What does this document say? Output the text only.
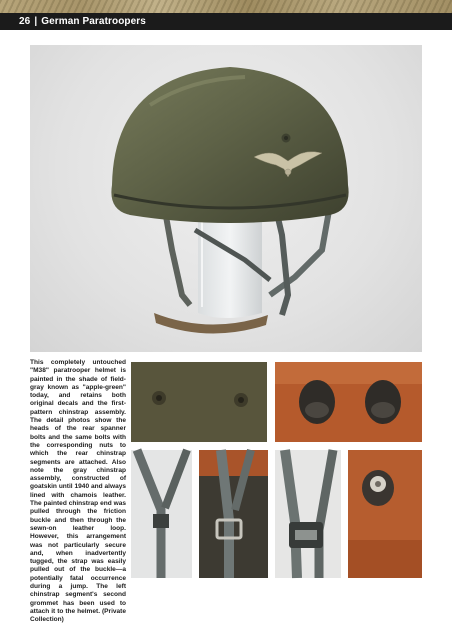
26 | German Paratroopers
This completely untouched "M38" paratrooper helmet is painted in the shade of field-gray known as "apple-green" today, and retains both original decals and the first-pattern chinstrap assembly. The detail photos show the heads of the rear spanner bolts and the same bolts with the corresponding nuts to which the rear chinstrap segments are attached. Also note the gray chinstrap assembly, constructed of goatskin until 1940 and always lined with chamois leather. The painted chinstrap end was pulled through the friction buckle and then through the sewn-on leather loop. However, this arrangement was not particularly secure and, when inadvertently tugged, the strap was easily pulled out of the buckle—a potentially fatal occurrence during a jump. The left chinstrap segment's second grommet has been used to attach it to the helmet. (Private Collection)
